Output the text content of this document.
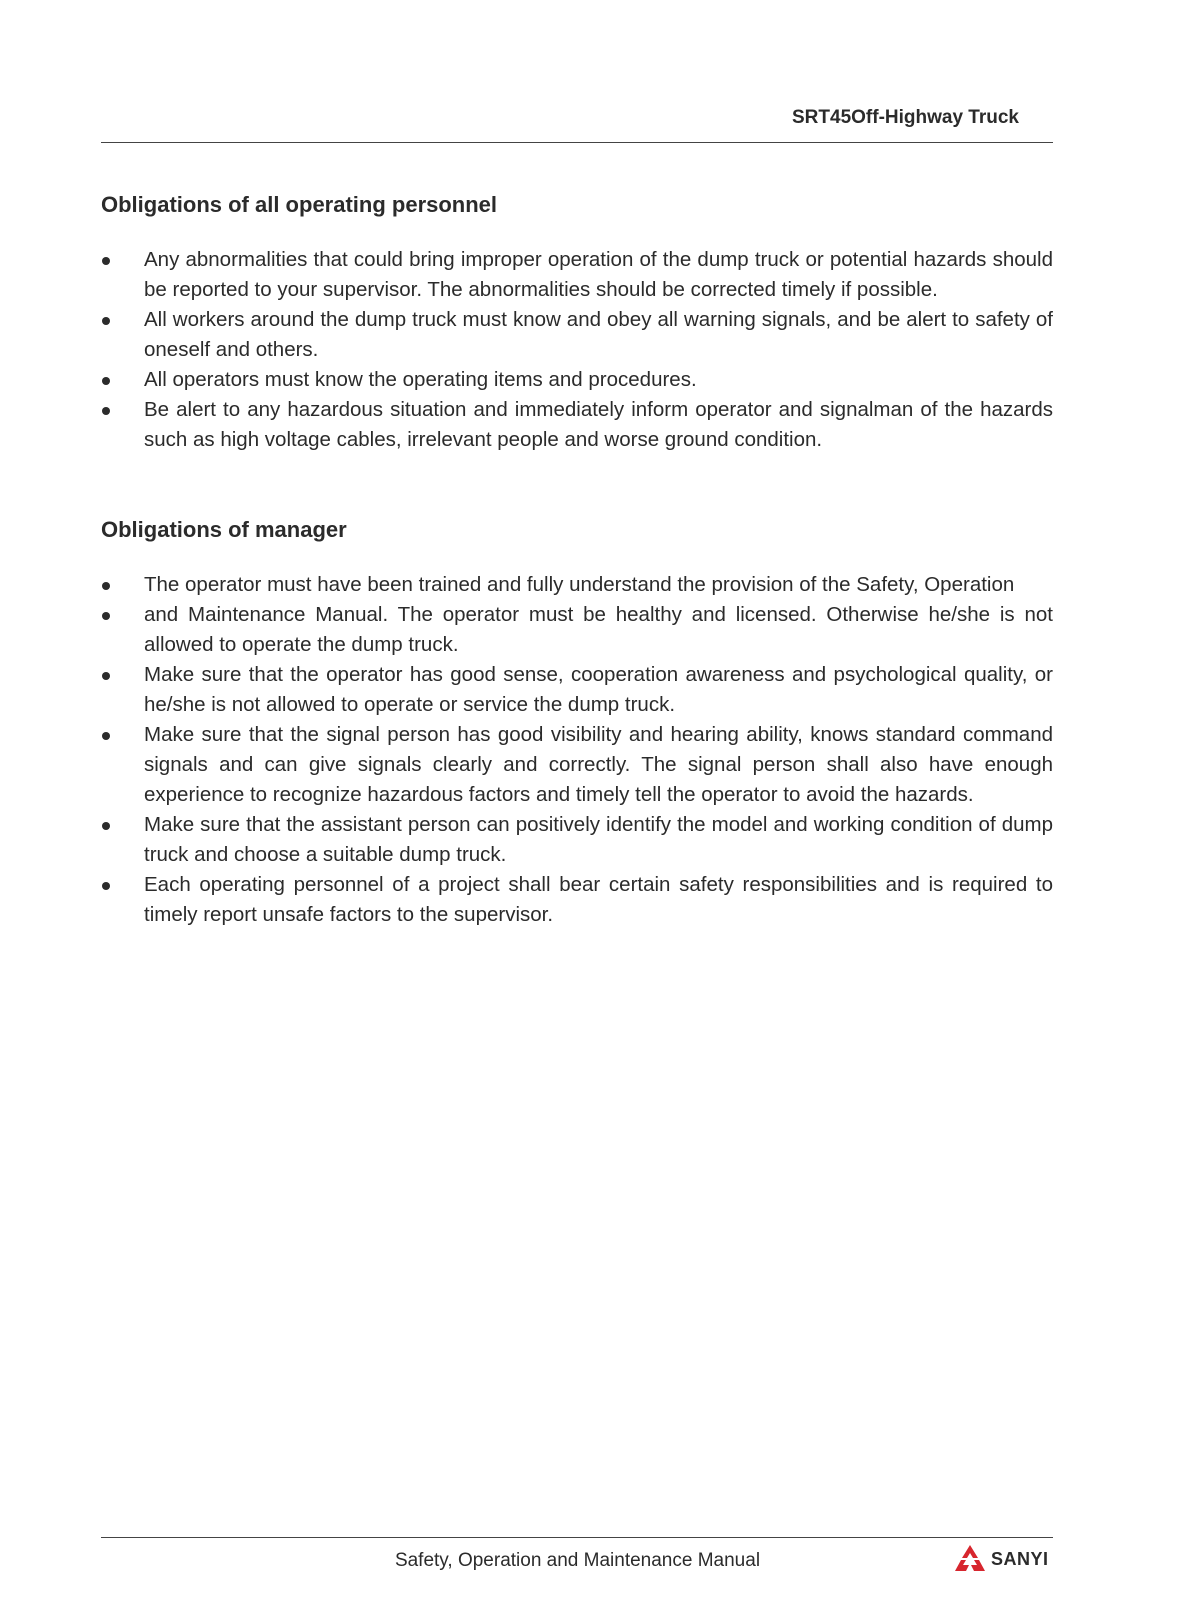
SRT45Off-Highway Truck

Obligations of all operating personnel
Any abnormalities that could bring improper operation of the dump truck or potential hazards should be reported to your supervisor. The abnormalities should be corrected timely if possible.
All workers around the dump truck must know and obey all warning signals, and be alert to safety of oneself and others.
All operators must know the operating items and procedures.
Be alert to any hazardous situation and immediately inform operator and signalman of the hazards such as high voltage cables, irrelevant people and worse ground condition.
Obligations of manager
The operator must have been trained and fully understand the provision of the Safety, Operation
and Maintenance Manual. The operator must be healthy and licensed. Otherwise he/she is not allowed to operate the dump truck.
Make sure that the operator has good sense, cooperation awareness and psychological quality, or he/she is not allowed to operate or service the dump truck.
Make sure that the signal person has good visibility and hearing ability, knows standard command signals and can give signals clearly and correctly. The signal person shall also have enough experience to recognize hazardous factors and timely tell the operator to avoid the hazards.
Make sure that the assistant person can positively identify the model and working condition of dump truck and choose a suitable dump truck.
Each operating personnel of a project shall bear certain safety responsibilities and is required to timely report unsafe factors to the supervisor.
Safety, Operation and Maintenance Manual	SANYI
